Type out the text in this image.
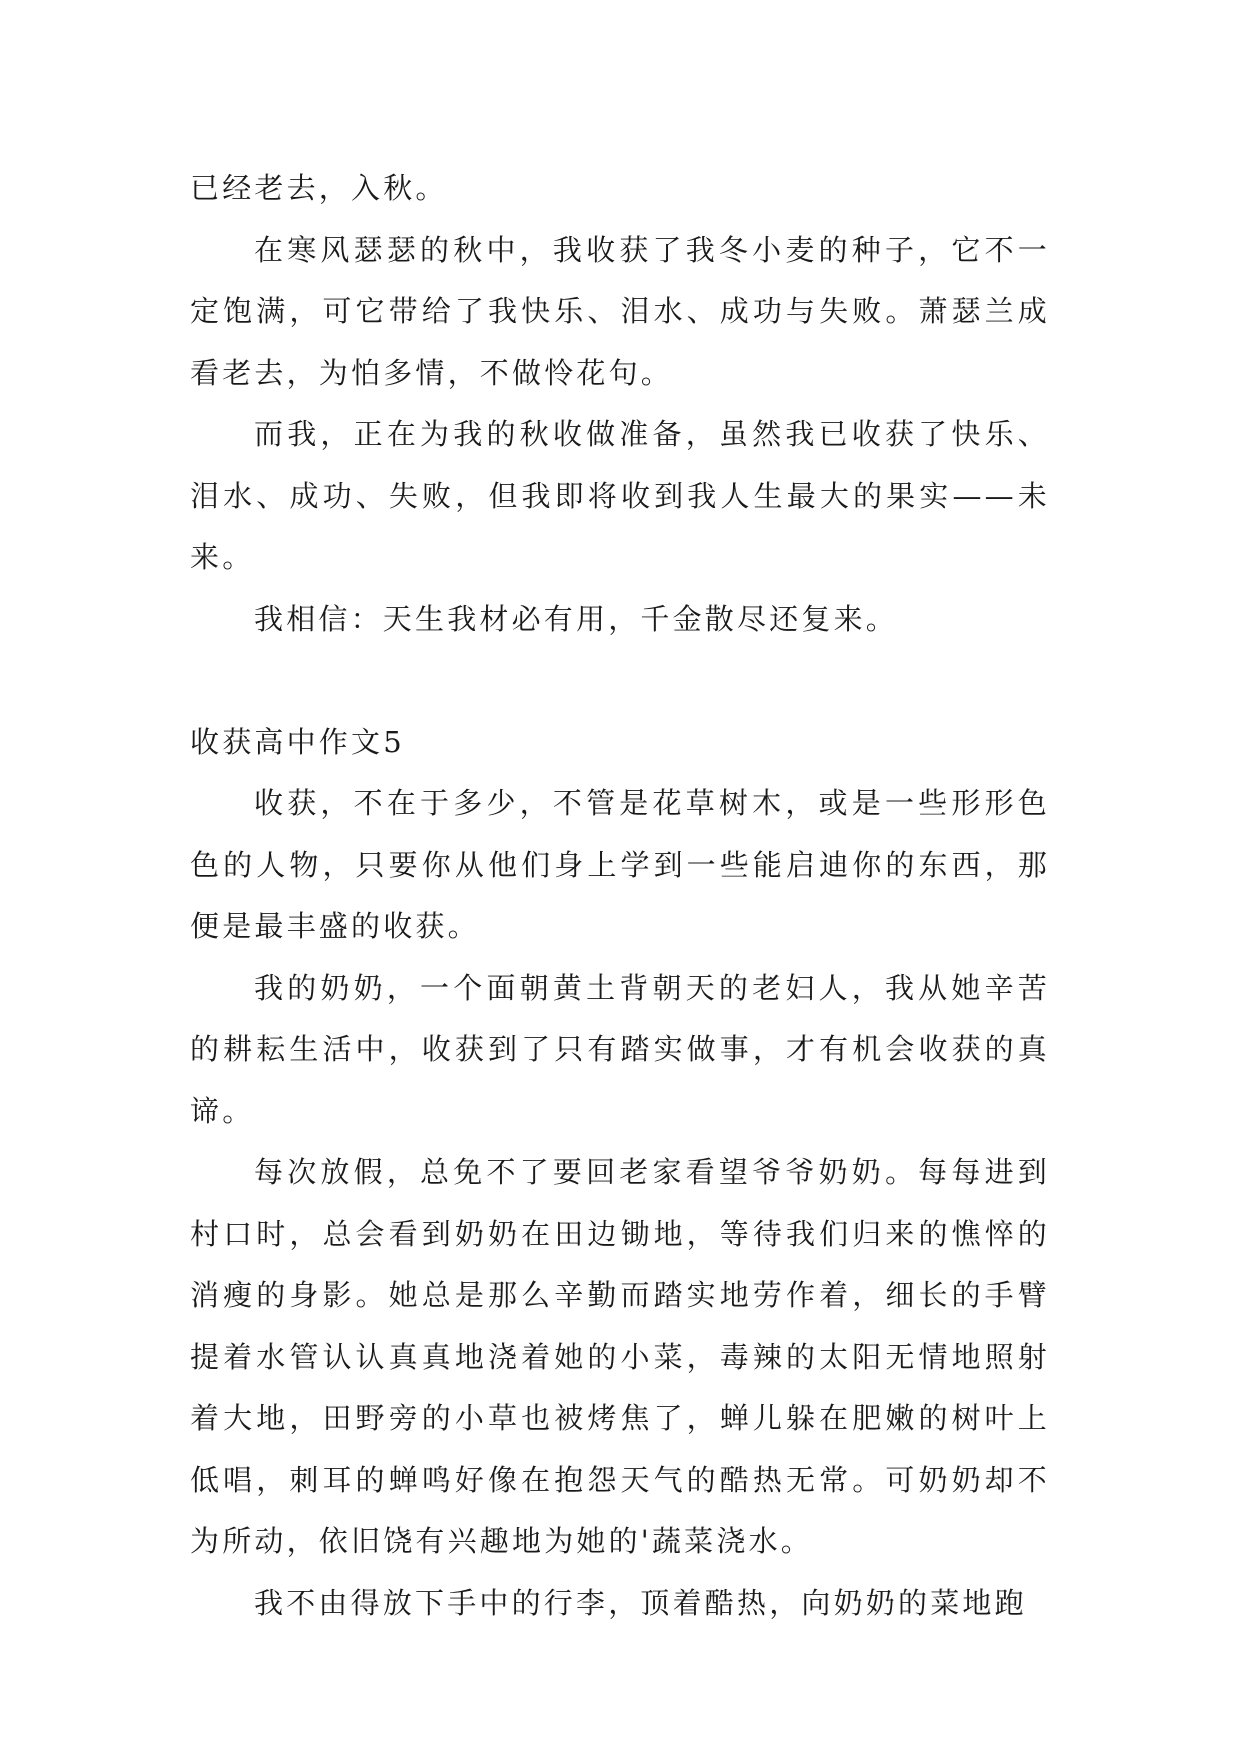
已经老去，入秋。

在寒风瑟瑟的秋中，我收获了我冬小麦的种子，它不一定饱满，可它带给了我快乐、泪水、成功与失败。萧瑟兰成看老去，为怕多情，不做怜花句。

而我，正在为我的秋收做准备，虽然我已收获了快乐、泪水、成功、失败，但我即将收到我人生最大的果实——未来。

我相信：天生我材必有用，千金散尽还复来。

收获高中作文5

收获，不在于多少，不管是花草树木，或是一些形形色色的人物，只要你从他们身上学到一些能启迪你的东西，那便是最丰盛的收获。

我的奶奶，一个面朝黄土背朝天的老妇人，我从她辛苦的耕耘生活中，收获到了只有踏实做事，才有机会收获的真谛。

每次放假，总免不了要回老家看望爷爷奶奶。每每进到村口时，总会看到奶奶在田边锄地，等待我们归来的憔悴的消瘦的身影。她总是那么辛勤而踏实地劳作着，细长的手臂提着水管认认真真地浇着她的小菜，毒辣的太阳无情地照射着大地，田野旁的小草也被烤焦了，蝉儿躲在肥嫩的树叶上低唱，刺耳的蝉鸣好像在抱怨天气的酷热无常。可奶奶却不为所动，依旧饶有兴趣地为她的'蔬菜浇水。

我不由得放下手中的行李，顶着酷热，向奶奶的菜地跑
